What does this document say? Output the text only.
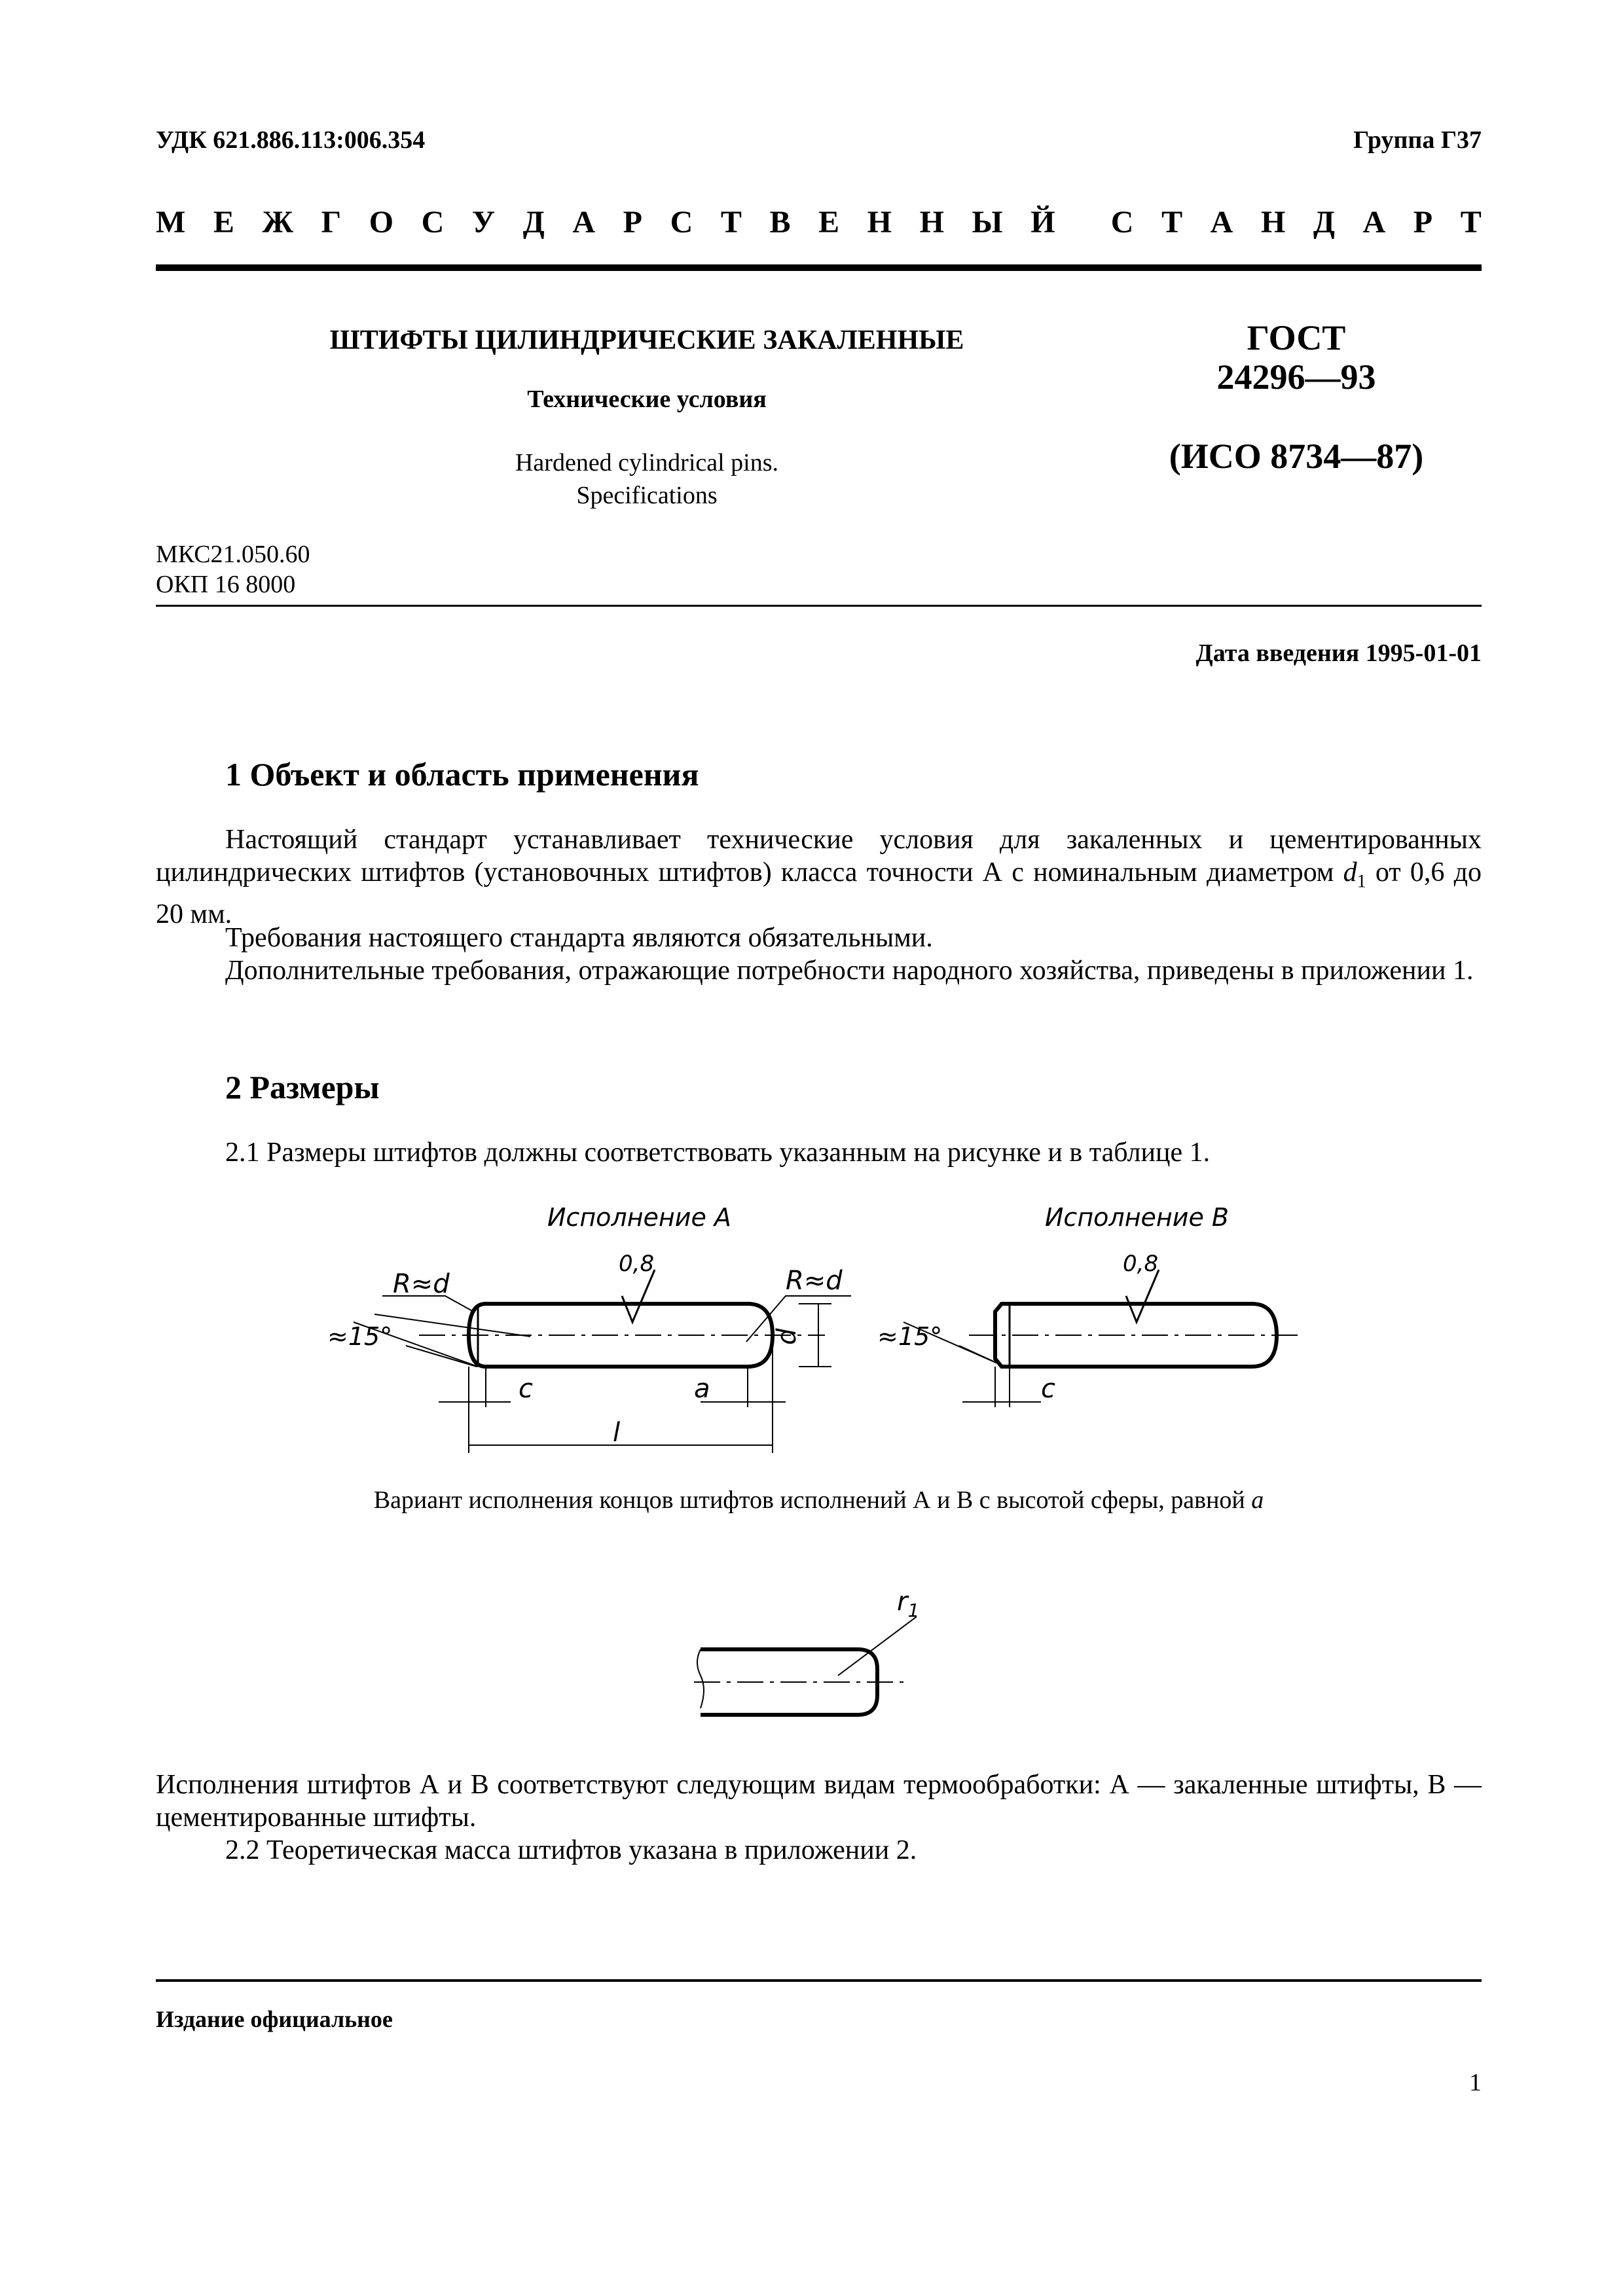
УДК 621.886.113:006.354	Группа Г37
М Е Ж Г О С У Д А Р С Т В Е Н Н Ы Й С Т А Н Д А Р Т
ШТИФТЫ ЦИЛИНДРИЧЕСКИЕ ЗАКАЛЕННЫЕ
Технические условия
Hardened cylindrical pins.
Specifications
ГОСТ
24296—93
(ИСО 8734—87)
МКС21.050.60
ОКП 16 8000
Дата введения 1995-01-01
1 Объект и область применения
Настоящий стандарт устанавливает технические условия для закаленных и цементированных цилиндрических штифтов (установочных штифтов) класса точности А с номинальным диаметром $d_1$ от 0,6 до 20 мм.
Требования настоящего стандарта являются обязательными.
Дополнительные требования, отражающие потребности народного хозяйства, приведены в приложении 1.
2 Размеры
2.1 Размеры штифтов должны соответствовать указанным на рисунке и в таблице 1.
Исполнение А	Исполнение В
R≈d	R≈d
0,8
≈15°	d
c	a
l
0,8
≈15°
c
Вариант исполнения концов штифтов исполнений А и В с высотой сферы, равной a
$r_1$
Исполнения штифтов А и В соответствуют следующим видам термообработки: А — закаленные штифты, В — цементированные штифты.
2.2 Теоретическая масса штифтов указана в приложении 2.
Издание официальное
1
